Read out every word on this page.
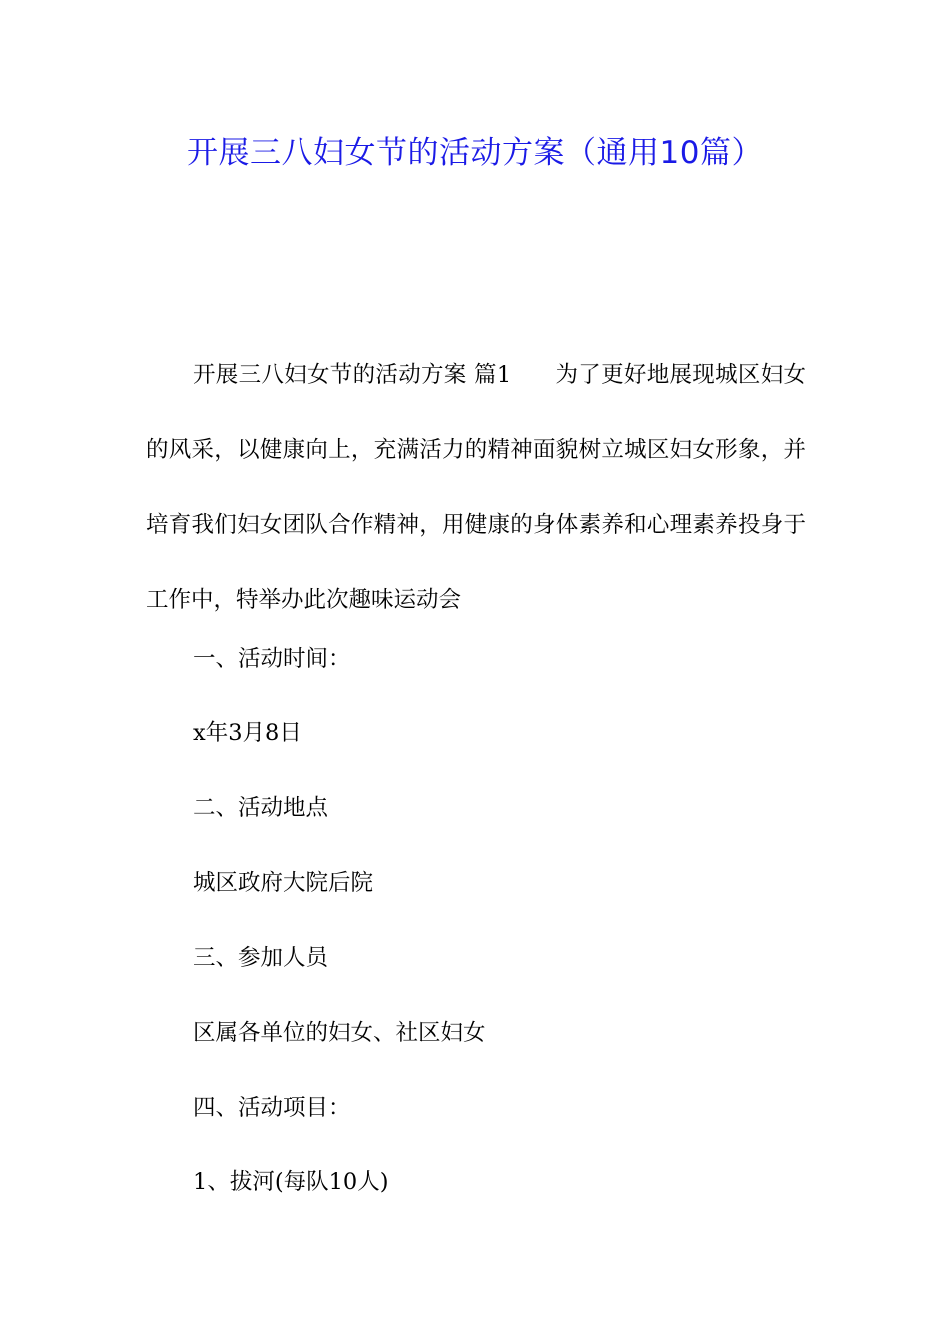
开展三八妇女节的活动方案（通用10篇）

开展三八妇女节的活动方案 篇1 为了更好地展现城区妇女的风采，以健康向上，充满活力的精神面貌树立城区妇女形象，并培育我们妇女团队合作精神，用健康的身体素养和心理素养投身于工作中，特举办此次趣味运动会

一、活动时间：

x年3月8日

二、活动地点

城区政府大院后院

三、参加人员

区属各单位的妇女、社区妇女

四、活动项目：

1、拔河(每队10人)
